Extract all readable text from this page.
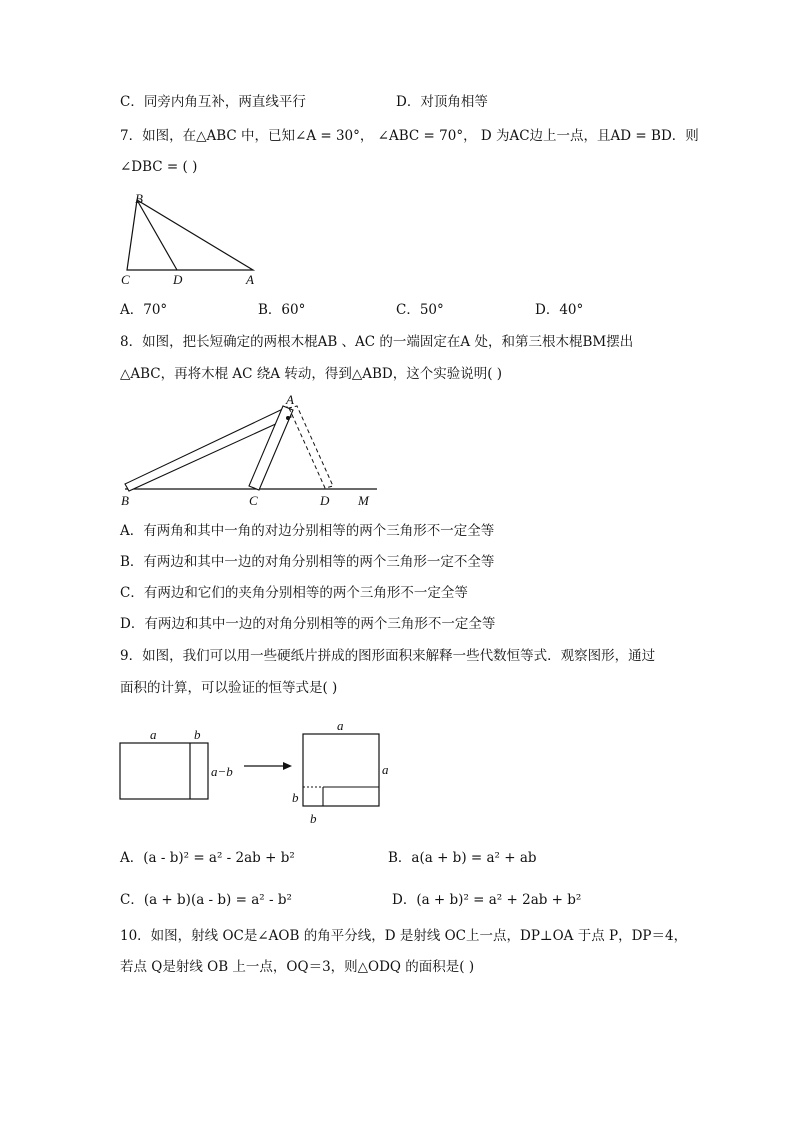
C．同旁内角互补，两直线平行	D．对顶角相等
7．如图，在△ABC 中，已知∠A = 30°， ∠ABC = 70°， D 为AC边上一点，且AD = BD．则
∠DBC = ( )
B
C	D	A
A．70°	B．60°	C．50°	D．40°
8．如图，把长短确定的两根木棍AB 、AC 的一端固定在A 处，和第三根木棍BM摆出
△ABC，再将木棍 AC 绕A 转动，得到△ABD，这个实验说明( )
A
B	C	D M
A．有两角和其中一角的对边分别相等的两个三角形不一定全等
B．有两边和其中一边的对角分别相等的两个三角形一定不全等
C．有两边和它们的夹角分别相等的两个三角形不一定全等
D．有两边和其中一边的对角分别相等的两个三角形不一定全等
9．如图，我们可以用一些硬纸片拼成的图形面积来解释一些代数恒等式．观察图形，通过
面积的计算，可以验证的恒等式是( )
a	b
a−b
a
a
b
b
A．(a - b)² = a² - 2ab + b²	B．a(a + b) = a² + ab
C．(a + b)(a - b) = a² - b²	D．(a + b)² = a² + 2ab + b²
10．如图，射线 OC是∠AOB 的角平分线，D 是射线 OC上一点，DP⊥OA 于点 P，DP＝4，
若点 Q是射线 OB 上一点，OQ＝3，则△ODQ 的面积是( )
